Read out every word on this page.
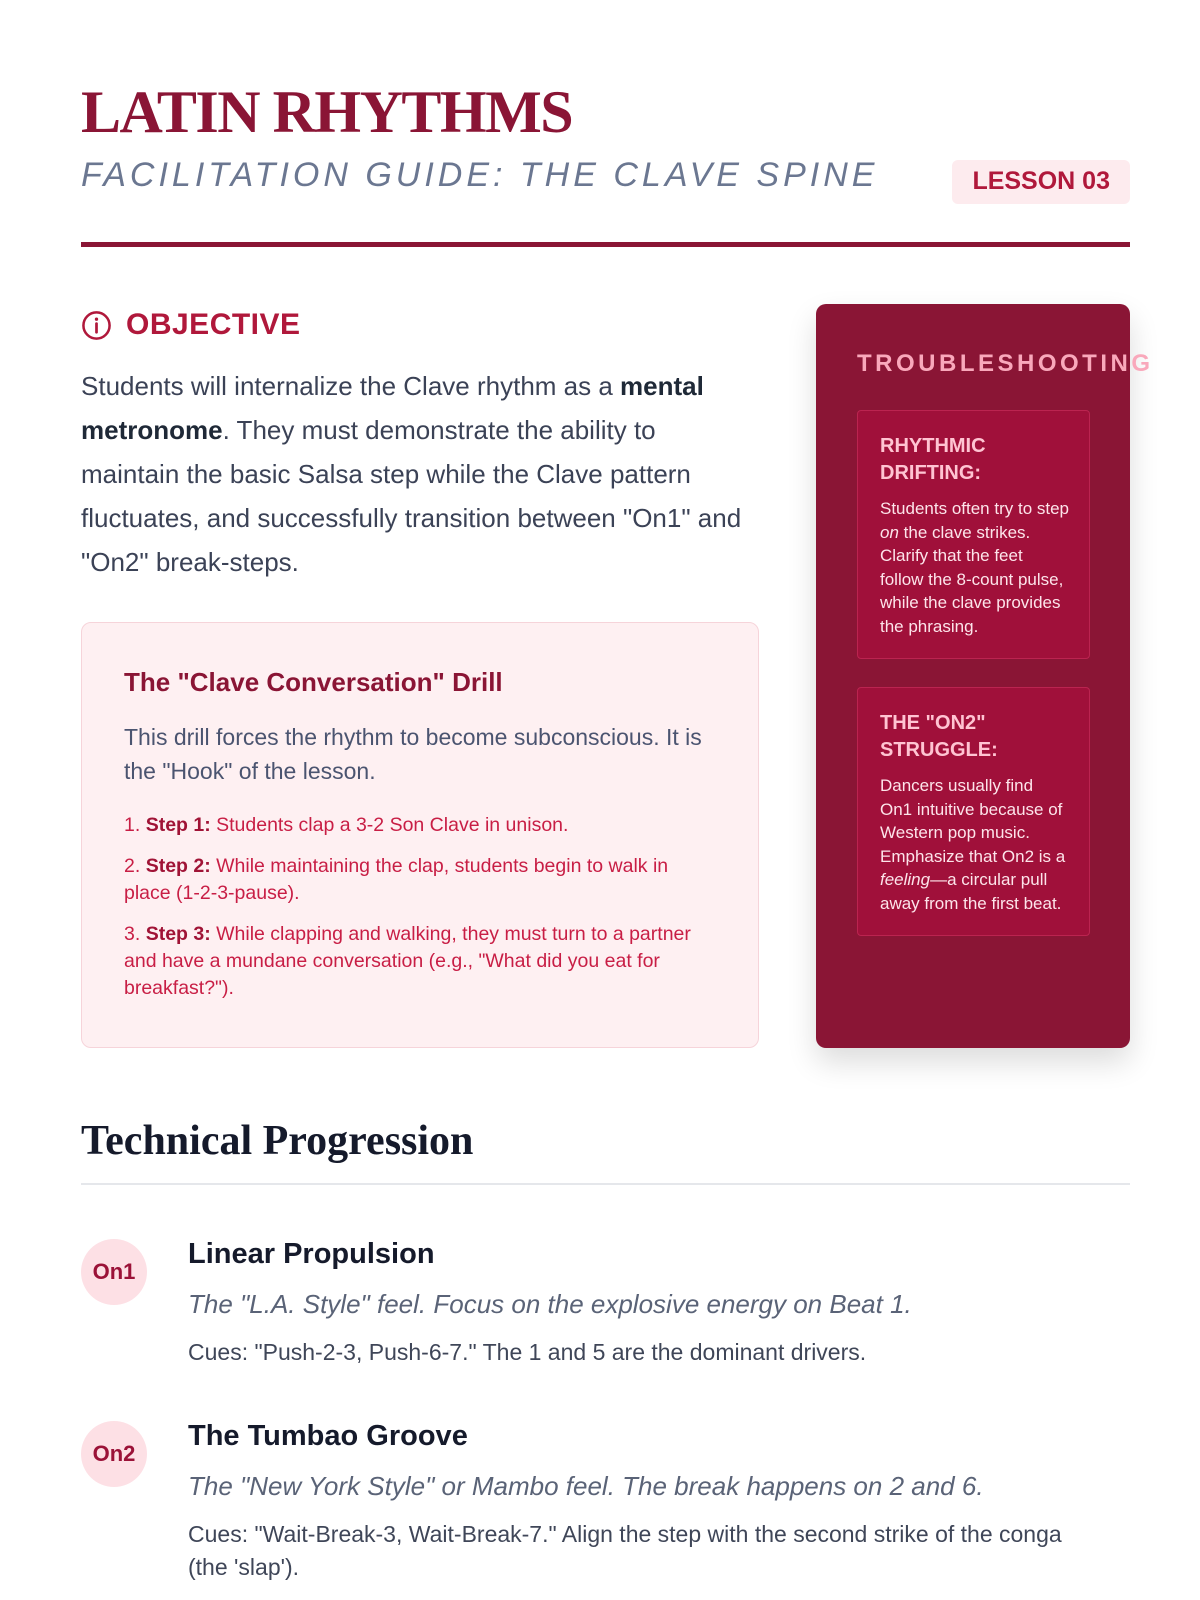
LATIN RHYTHMS
FACILITATION GUIDE: THE CLAVE SPINE	LESSON 03
OBJECTIVE

Students will internalize the Clave rhythm as a mental metronome. They must demonstrate the ability to maintain the basic Salsa step while the Clave pattern fluctuates, and successfully transition between "On1" and "On2" break-steps.

The "Clave Conversation" Drill

This drill forces the rhythm to become subconscious. It is the "Hook" of the lesson.

1. Step 1: Students clap a 3-2 Son Clave in unison.
2. Step 2: While maintaining the clap, students begin to walk in place (1-2-3-pause).
3. Step 3: While clapping and walking, they must turn to a partner and have a mundane conversation (e.g., "What did you eat for breakfast?").
TROUBLESHOOTING

RHYTHMIC DRIFTING:

Students often try to step on the clave strikes. Clarify that the feet follow the 8-count pulse, while the clave provides the phrasing.

THE "ON2" STRUGGLE:

Dancers usually find On1 intuitive because of Western pop music. Emphasize that On2 is a feeling—a circular pull away from the first beat.

Technical Progression
On1
Linear Propulsion

The "L.A. Style" feel. Focus on the explosive energy on Beat 1.

Cues: "Push-2-3, Push-6-7." The 1 and 5 are the dominant drivers.

On2
The Tumbao Groove

The "New York Style" or Mambo feel. The break happens on 2 and 6.

Cues: "Wait-Break-3, Wait-Break-7." Align the step with the second strike of the conga (the 'slap').
